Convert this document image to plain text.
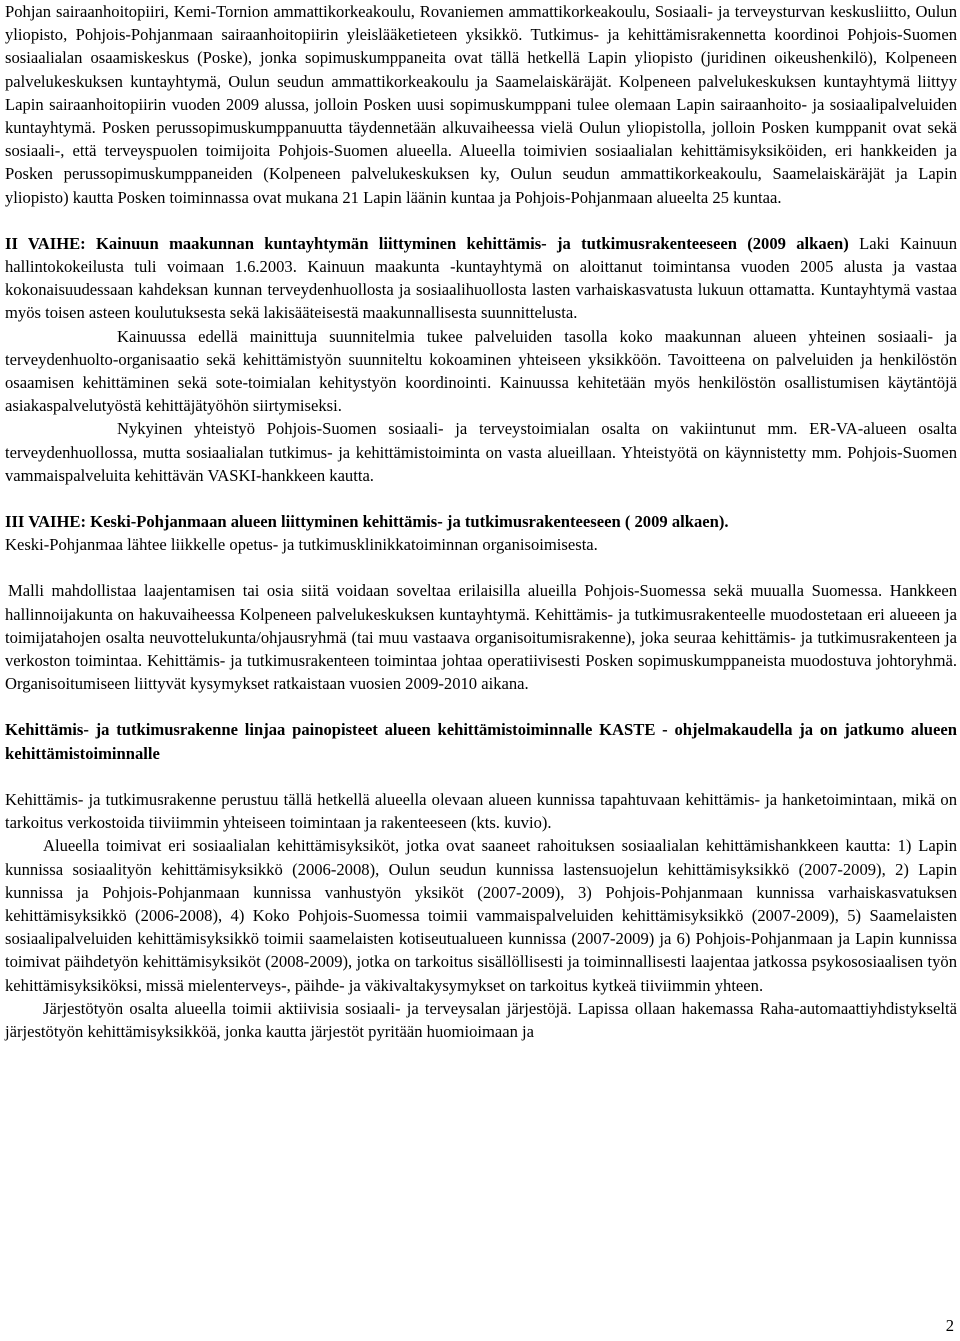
Pohjan sairaanhoitopiiri, Kemi-Tornion ammattikorkeakoulu, Rovaniemen ammattikorkeakoulu, Sosiaali- ja terveysturvan keskusliitto, Oulun yliopisto, Pohjois-Pohjanmaan sairaanhoitopiirin yleislääketieteen yksikkö. Tutkimus- ja kehittämisrakennetta koordinoi Pohjois-Suomen sosiaalialan osaamiskeskus (Poske), jonka sopimuskumppaneita ovat tällä hetkellä Lapin yliopisto (juridinen oikeushenkilö), Kolpeneen palvelukeskuksen kuntayhtymä, Oulun seudun ammattikorkeakoulu ja Saamelaiskäräjät. Kolpeneen palvelukeskuksen kuntayhtymä liittyy Lapin sairaanhoitopiirin vuoden 2009 alussa, jolloin Posken uusi sopimuskumppani tulee olemaan Lapin sairaanhoito- ja sosiaalipalveluiden kuntayhtymä. Posken perussopimuskumppanuutta täydennetään alkuvaiheessa vielä Oulun yliopistolla, jolloin Posken kumppanit ovat sekä sosiaali-, että terveyspuolen toimijoita Pohjois-Suomen alueella. Alueella toimivien sosiaalialan kehittämisyksiköiden, eri hankkeiden ja Posken perussopimuskumppaneiden (Kolpeneen palvelukeskuksen ky, Oulun seudun ammattikorkeakoulu, Saamelaiskäräjät ja Lapin yliopisto) kautta Posken toiminnassa ovat mukana 21 Lapin läänin kuntaa ja Pohjois-Pohjanmaan alueelta 25 kuntaa.

II VAIHE: Kainuun maakunnan kuntayhtymän liittyminen kehittämis- ja tutkimusrakenteeseen (2009 alkaen) Laki Kainuun hallintokokeilusta tuli voimaan 1.6.2003. Kainuun maakunta -kuntayhtymä on aloittanut toimintansa vuoden 2005 alusta ja vastaa kokonaisuudessaan kahdeksan kunnan terveydenhuollosta ja sosiaalihuollosta lasten varhaiskasvatusta lukuun ottamatta. Kuntayhtymä vastaa myös toisen asteen koulutuksesta sekä lakisääteisestä maakunnallisesta suunnittelusta.

Kainuussa edellä mainittuja suunnitelmia tukee palveluiden tasolla koko maakunnan alueen yhteinen sosiaali- ja terveydenhuolto-organisaatio sekä kehittämistyön suunniteltu kokoaminen yhteiseen yksikköön. Tavoitteena on palveluiden ja henkilöstön osaamisen kehittäminen sekä sote-toimialan kehitystyön koordinointi. Kainuussa kehitetään myös henkilöstön osallistumisen käytäntöjä asiakaspalvelutyöstä kehittäjätyöhön siirtymiseksi.

Nykyinen yhteistyö Pohjois-Suomen sosiaali- ja terveystoimialan osalta on vakiintunut mm. ER-VA-alueen osalta terveydenhuollossa, mutta sosiaalialan tutkimus- ja kehittämistoiminta on vasta alueillaan. Yhteistyötä on käynnistetty mm. Pohjois-Suomen vammaispalveluita kehittävän VASKI-hankkeen kautta.

III VAIHE: Keski-Pohjanmaan alueen liittyminen kehittämis- ja tutkimusrakenteeseen ( 2009 alkaen).
Keski-Pohjanmaa lähtee liikkelle opetus- ja tutkimusklinikkatoiminnan organisoimisesta.

Malli mahdollistaa laajentamisen tai osia siitä voidaan soveltaa erilaisilla alueilla Pohjois-Suomessa sekä muualla Suomessa. Hankkeen hallinnoijakunta on hakuvaiheessa Kolpeneen palvelukeskuksen kuntayhtymä. Kehittämis- ja tutkimusrakenteelle muodostetaan eri alueeen ja toimijatahojen osalta neuvottelukunta/ohjausryhmä (tai muu vastaava organisoitumisrakenne), joka seuraa kehittämis- ja tutkimusrakenteen ja verkoston toimintaa. Kehittämis- ja tutkimusrakenteen toimintaa johtaa operatiivisesti Posken sopimuskumppaneista muodostuva johtoryhmä. Organisoitumiseen liittyvät kysymykset ratkaistaan vuosien 2009-2010 aikana.

Kehittämis- ja tutkimusrakenne linjaa painopisteet alueen kehittämistoiminnalle KASTE - ohjelmakaudella ja on jatkumo alueen kehittämistoiminnalle

Kehittämis- ja tutkimusrakenne perustuu tällä hetkellä alueella olevaan alueen kunnissa tapahtuvaan kehittämis- ja hanketoimintaan, mikä on tarkoitus verkostoida tiiviimmin yhteiseen toimintaan ja rakenteeseen (kts. kuvio).

Alueella toimivat eri sosiaalialan kehittämisyksiköt, jotka ovat saaneet rahoituksen sosiaalialan kehittämishankkeen kautta: 1) Lapin kunnissa sosiaalityön kehittämisyksikkö (2006-2008), Oulun seudun kunnissa lastensuojelun kehittämisyksikkö (2007-2009), 2) Lapin kunnissa ja Pohjois-Pohjanmaan kunnissa vanhustyön yksiköt (2007-2009), 3) Pohjois-Pohjanmaan kunnissa varhaiskasvatuksen kehittämisyksikkö (2006-2008), 4) Koko Pohjois-Suomessa toimii vammaispalveluiden kehittämisyksikkö (2007-2009), 5) Saamelaisten sosiaalipalveluiden kehittämisyksikkö toimii saamelaisten kotiseutualueen kunnissa (2007-2009) ja 6) Pohjois-Pohjanmaan ja Lapin kunnissa toimivat päihdetyön kehittämisyksiköt (2008-2009), jotka on tarkoitus sisällöllisesti ja toiminnallisesti laajentaa jatkossa psykososiaalisen työn kehittämisyksiköksi, missä mielenterveys-, päihde- ja väkivaltakysymykset on tarkoitus kytkeä tiiviimmin yhteen.

Järjestötyön osalta alueella toimii aktiivisia sosiaali- ja terveysalan järjestöjä. Lapissa ollaan hakemassa Raha-automaattiyhdistykseltä järjestötyön kehittämisyksikköä, jonka kautta järjestöt pyritään huomioimaan ja

2
